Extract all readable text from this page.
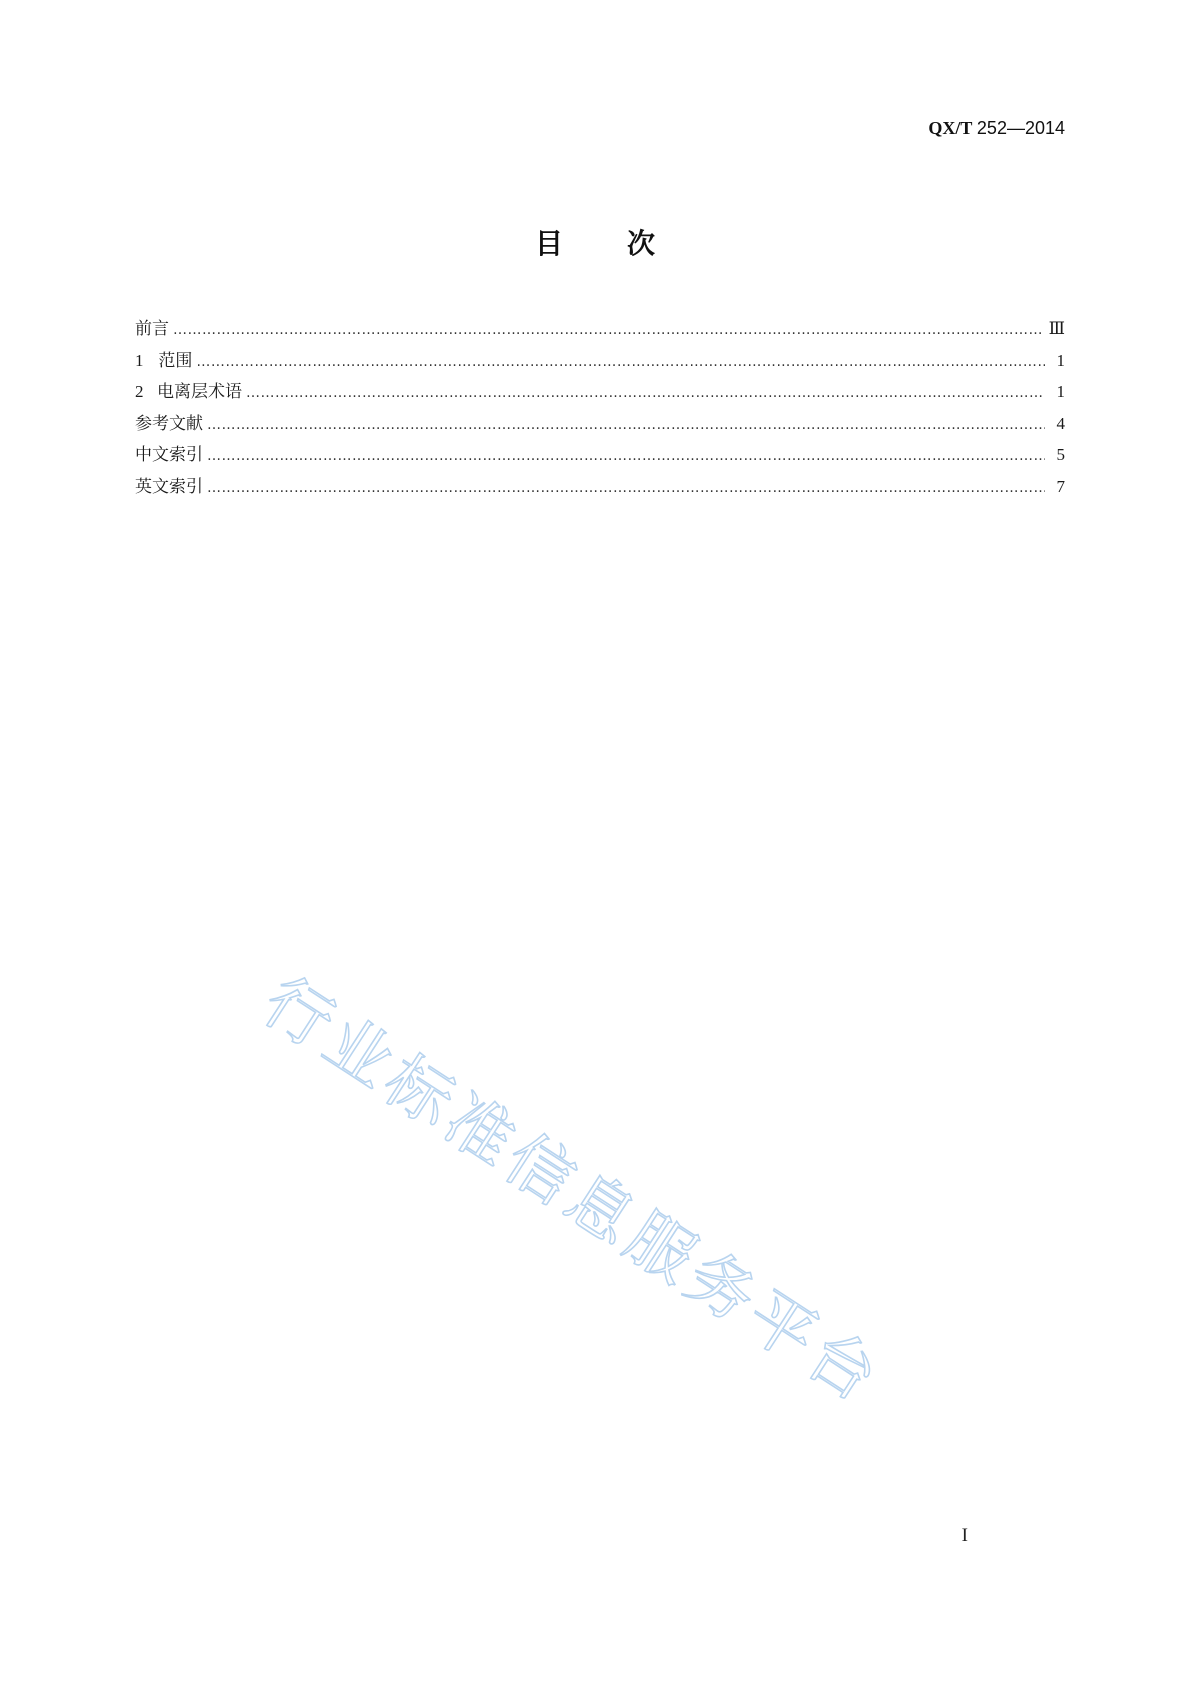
QX/T 252—2014
目 次
前言 ……………………………………………………………………………………………………………………………………………………………………………………………………………………	Ⅲ
1 范围 ……………………………………………………………………………………………………………………………………………………………………………………………………………………	1
2 电离层术语 ……………………………………………………………………………………………………………………………………………………………………………………………………………………	1
参考文献 ……………………………………………………………………………………………………………………………………………………………………………………………………………………	4
中文索引 ……………………………………………………………………………………………………………………………………………………………………………………………………………………	5
英文索引 ……………………………………………………………………………………………………………………………………………………………………………………………………………………	7
行业标准信息服务平台
I
